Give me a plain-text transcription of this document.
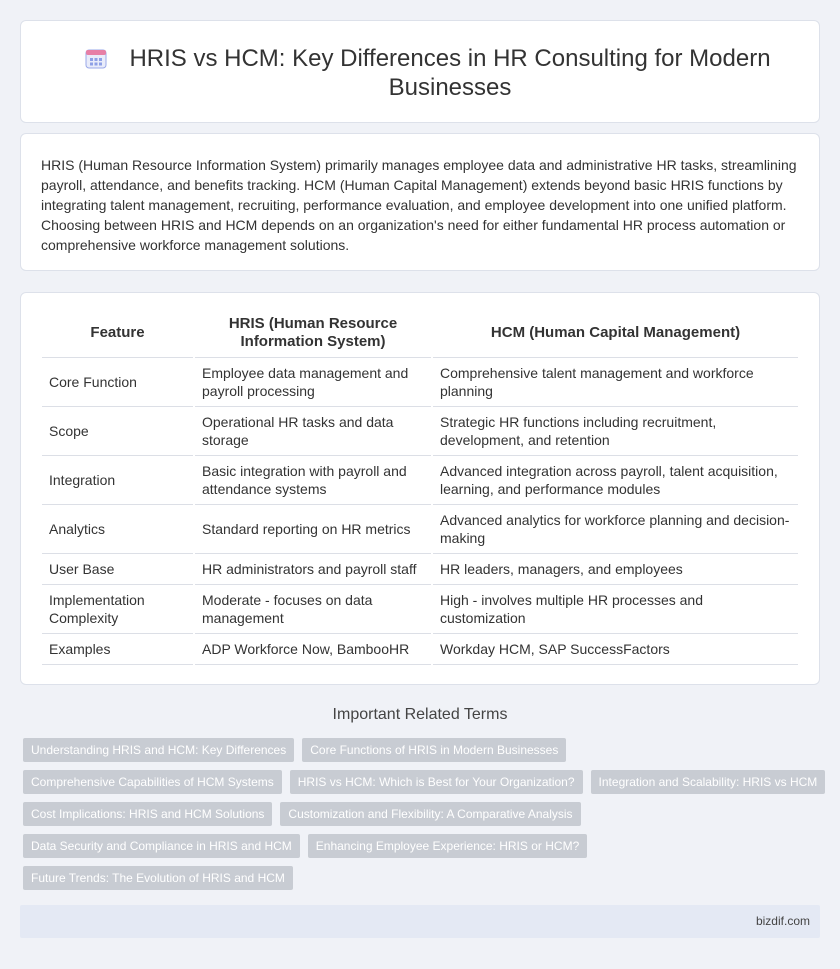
HRIS vs HCM: Key Differences in HR Consulting for Modern Businesses

HRIS (Human Resource Information System) primarily manages employee data and administrative HR tasks, streamlining payroll, attendance, and benefits tracking. HCM (Human Capital Management) extends beyond basic HRIS functions by integrating talent management, recruiting, performance evaluation, and employee development into one unified platform. Choosing between HRIS and HCM depends on an organization's need for either fundamental HR process automation or comprehensive workforce management solutions.

Feature	HRIS (Human Resource Information System)	HCM (Human Capital Management)
Core Function	Employee data management and payroll processing	Comprehensive talent management and workforce planning
Scope	Operational HR tasks and data storage	Strategic HR functions including recruitment, development, and retention
Integration	Basic integration with payroll and attendance systems	Advanced integration across payroll, talent acquisition, learning, and performance modules
Analytics	Standard reporting on HR metrics	Advanced analytics for workforce planning and decision-making
User Base	HR administrators and payroll staff	HR leaders, managers, and employees
Implementation Complexity	Moderate - focuses on data management	High - involves multiple HR processes and customization
Examples	ADP Workforce Now, BambooHR	Workday HCM, SAP SuccessFactors
Important Related Terms
Understanding HRIS and HCM: Key Differences	Core Functions of HRIS in Modern Businesses
Comprehensive Capabilities of HCM Systems	HRIS vs HCM: Which is Best for Your Organization?	Integration and Scalability: HRIS vs HCM
Cost Implications: HRIS and HCM Solutions	Customization and Flexibility: A Comparative Analysis
Data Security and Compliance in HRIS and HCM	Enhancing Employee Experience: HRIS or HCM?
Future Trends: The Evolution of HRIS and HCM
bizdif.com
